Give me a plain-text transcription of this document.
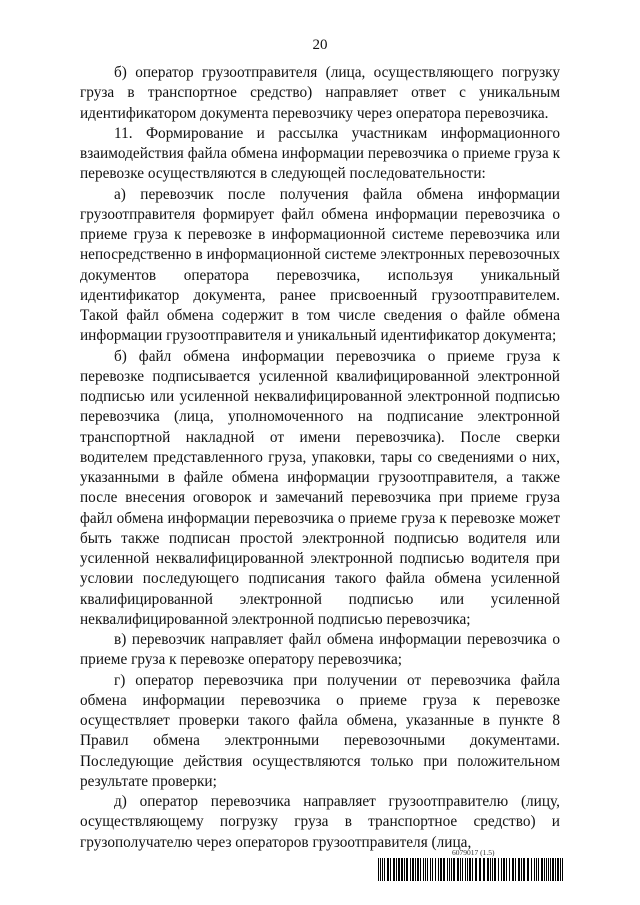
20

б) оператор грузоотправителя (лица, осуществляющего погрузку груза в транспортное средство) направляет ответ с уникальным идентификатором документа перевозчику через оператора перевозчика.

11. Формирование и рассылка участникам информационного взаимодействия файла обмена информации перевозчика о приеме груза к перевозке осуществляются в следующей последовательности:

а) перевозчик после получения файла обмена информации грузоотправителя формирует файл обмена информации перевозчика о приеме груза к перевозке в информационной системе перевозчика или непосредственно в информационной системе электронных перевозочных документов оператора перевозчика, используя уникальный идентификатор документа, ранее присвоенный грузоотправителем. Такой файл обмена содержит в том числе сведения о файле обмена информации грузоотправителя и уникальный идентификатор документа;

б) файл обмена информации перевозчика о приеме груза к перевозке подписывается усиленной квалифицированной электронной подписью или усиленной неквалифицированной электронной подписью перевозчика (лица, уполномоченного на подписание электронной транспортной накладной от имени перевозчика). После сверки водителем представленного груза, упаковки, тары со сведениями о них, указанными в файле обмена информации грузоотправителя, а также после внесения оговорок и замечаний перевозчика при приеме груза файл обмена информации перевозчика о приеме груза к перевозке может быть также подписан простой электронной подписью водителя или усиленной неквалифицированной электронной подписью водителя при условии последующего подписания такого файла обмена усиленной квалифицированной электронной подписью или усиленной неквалифицированной электронной подписью перевозчика;

в) перевозчик направляет файл обмена информации перевозчика о приеме груза к перевозке оператору перевозчика;

г) оператор перевозчика при получении от перевозчика файла обмена информации перевозчика о приеме груза к перевозке осуществляет проверки такого файла обмена, указанные в пункте 8 Правил обмена электронными перевозочными документами. Последующие действия осуществляются только при положительном результате проверки;

д) оператор перевозчика направляет грузоотправителю (лицу, осуществляющему погрузку груза в транспортное средство) и грузополучателю через операторов грузоотправителя (лица,

6079017 (1.5)
